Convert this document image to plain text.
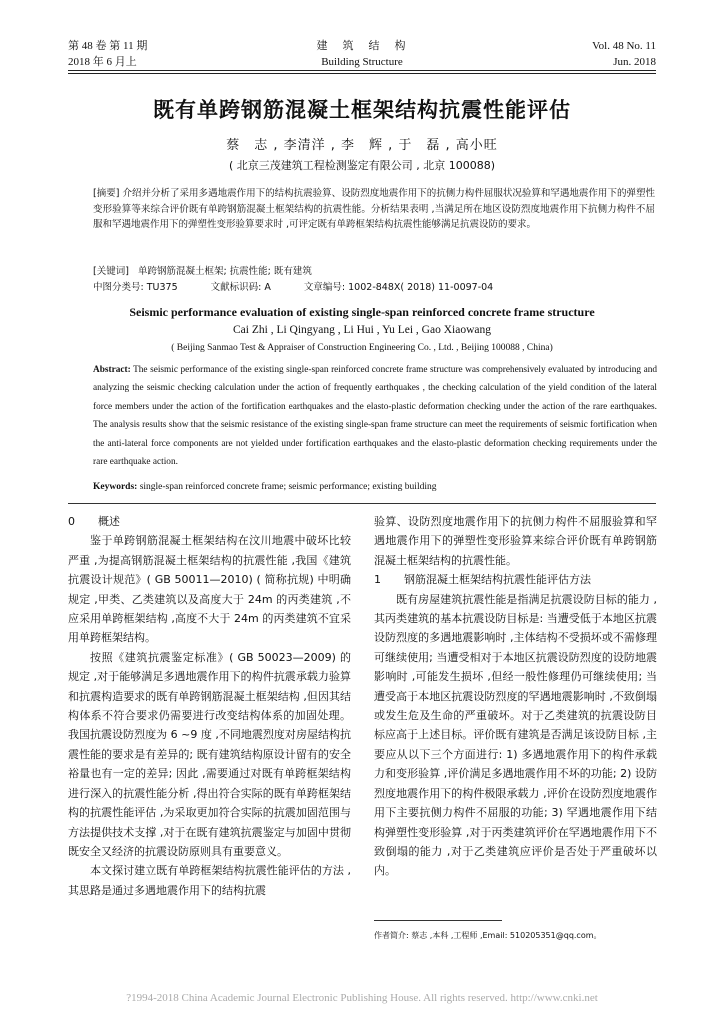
第 48 卷 第 11 期
2018 年 6 月上
建　筑　结　构
Building Structure
Vol. 48 No. 11
Jun. 2018
既有单跨钢筋混凝土框架结构抗震性能评估
蔡　志 , 李清洋 , 李　辉 , 于　磊 , 高小旺
( 北京三茂建筑工程检测鉴定有限公司 , 北京 100088)
[摘要] 介绍并分析了采用多遇地震作用下的结构抗震验算、设防烈度地震作用下的抗侧力构件屈服状况验算和罕遇地震作用下的弹塑性变形验算等来综合评价既有单跨钢筋混凝土框架结构的抗震性能。分析结果表明 ,当满足所在地区设防烈度地震作用下抗侧力构件不屈服和罕遇地震作用下的弹塑性变形验算要求时 ,可评定既有单跨框架结构抗震性能够满足抗震设防的要求。
[关键词] 单跨钢筋混凝土框架; 抗震性能; 既有建筑
中图分类号: TU375	文献标识码: A	文章编号: 1002-848X( 2018) 11-0097-04
Seismic performance evaluation of existing single-span reinforced concrete frame structure
Cai Zhi , Li Qingyang , Li Hui , Yu Lei , Gao Xiaowang
( Beijing Sanmao Test & Appraiser of Construction Engineering Co. , Ltd. , Beijing 100088 , China)
Abstract: The seismic performance of the existing single-span reinforced concrete frame structure was comprehensively evaluated by introducing and analyzing the seismic checking calculation under the action of frequently earthquakes , the checking calculation of the yield condition of the lateral force members under the action of the fortification earthquakes and the elasto-plastic deformation checking under the action of the rare earthquakes. The analysis results show that the seismic resistance of the existing single-span frame structure can meet the requirements of seismic fortification when the anti-lateral force components are not yielded under fortification earthquakes and the elasto-plastic deformation checking requirements under the rare earthquake action.
Keywords: single-span reinforced concrete frame; seismic performance; existing building

0 概述

鉴于单跨钢筋混凝土框架结构在汶川地震中破坏比较严重 ,为提高钢筋混凝土框架结构的抗震性能 ,我国《建筑抗震设计规范》( GB 50011—2010) ( 简称抗规) 中明确规定 ,甲类、乙类建筑以及高度大于 24m 的丙类建筑 ,不应采用单跨框架结构 ,高度不大于 24m 的丙类建筑不宜采用单跨框架结构。

按照《建筑抗震鉴定标准》( GB 50023—2009) 的规定 ,对于能够满足多遇地震作用下的构件抗震承载力验算和抗震构造要求的既有单跨钢筋混凝土框架结构 ,但因其结构体系不符合要求仍需要进行改变结构体系的加固处理。我国抗震设防烈度为 6 ~9 度 ,不同地震烈度对房屋结构抗震性能的要求是有差异的; 既有建筑结构原设计留有的安全裕量也有一定的差异; 因此 ,需要通过对既有单跨框架结构进行深入的抗震性能分析 ,得出符合实际的既有单跨框架结构的抗震性能评估 ,为采取更加符合实际的抗震加固范围与方法提供技术支撑 ,对于在既有建筑抗震鉴定与加固中贯彻既安全又经济的抗震设防原则具有重要意义。

本文探讨建立既有单跨框架结构抗震性能评估的方法 ,其思路是通过多遇地震作用下的结构抗震

验算、设防烈度地震作用下的抗侧力构件不屈服验算和罕遇地震作用下的弹塑性变形验算来综合评价既有单跨钢筋混凝土框架结构的抗震性能。

1 钢筋混凝土框架结构抗震性能评估方法

既有房屋建筑抗震性能是指满足抗震设防目标的能力 ,其丙类建筑的基本抗震设防目标是: 当遭受低于本地区抗震设防烈度的多遇地震影响时 ,主体结构不受损坏或不需修理可继续使用; 当遭受相对于本地区抗震设防烈度的设防地震影响时 ,可能发生损坏 ,但经一般性修理仍可继续使用; 当遭受高于本地区抗震设防烈度的罕遇地震影响时 ,不致倒塌或发生危及生命的严重破坏。对于乙类建筑的抗震设防目标应高于上述目标。评价既有建筑是否满足该设防目标 ,主要应从以下三个方面进行: 1) 多遇地震作用下的构件承载力和变形验算 ,评价满足多遇地震作用不坏的功能; 2) 设防烈度地震作用下的构件极限承载力 ,评价在设防烈度地震作用下主要抗侧力构件不屈服的功能; 3) 罕遇地震作用下结构弹塑性变形验算 ,对于丙类建筑评价在罕遇地震作用下不致倒塌的能力 ,对于乙类建筑应评价是否处于严重破坏以内。

作者简介: 蔡志 ,本科 ,工程师 ,Email: 510205351@qq.com。
?1994-2018 China Academic Journal Electronic Publishing House. All rights reserved. http://www.cnki.net
